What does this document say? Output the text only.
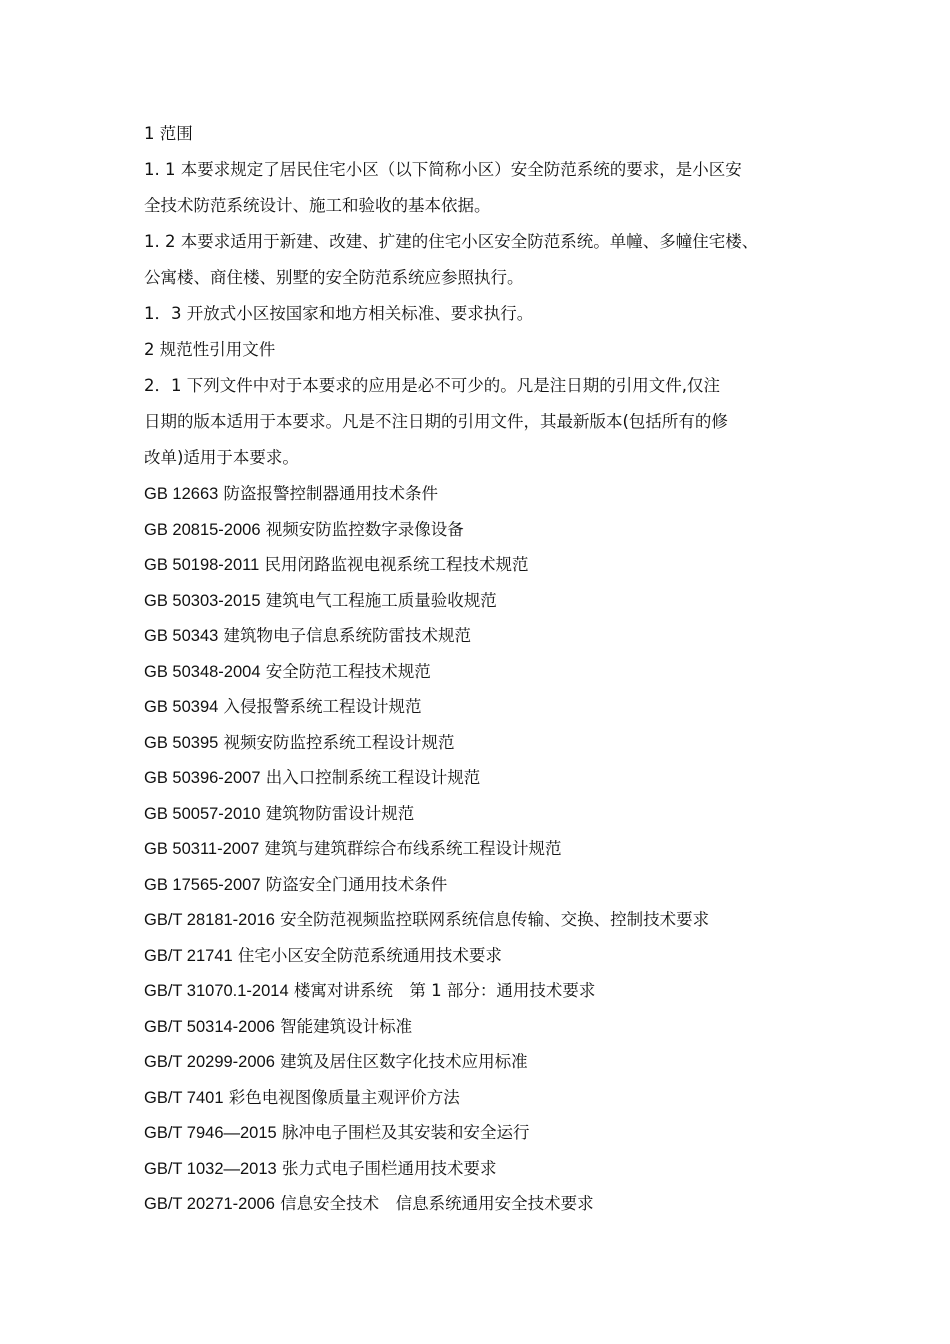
1 范围
1. 1 本要求规定了居民住宅小区（以下简称小区）安全防范系统的要求，是小区安
全技术防范系统设计、施工和验收的基本依据。
1. 2 本要求适用于新建、改建、扩建的住宅小区安全防范系统。单幢、多幢住宅楼、
公寓楼、商住楼、别墅的安全防范系统应参照执行。
1．3 开放式小区按国家和地方相关标准、要求执行。
2 规范性引用文件
2．1 下列文件中对于本要求的应用是必不可少的。凡是注日期的引用文件,仅注
日期的版本适用于本要求。凡是不注日期的引用文件，其最新版本(包括所有的修
改单)适用于本要求。
GB 12663 防盗报警控制器通用技术条件
GB 20815-2006 视频安防监控数字录像设备
GB 50198-2011 民用闭路监视电视系统工程技术规范
GB 50303-2015 建筑电气工程施工质量验收规范
GB 50343 建筑物电子信息系统防雷技术规范
GB 50348-2004 安全防范工程技术规范
GB 50394 入侵报警系统工程设计规范
GB 50395 视频安防监控系统工程设计规范
GB 50396-2007 出入口控制系统工程设计规范
GB 50057-2010 建筑物防雷设计规范
GB 50311-2007 建筑与建筑群综合布线系统工程设计规范
GB 17565-2007 防盗安全门通用技术条件
GB/T 28181-2016 安全防范视频监控联网系统信息传输、交换、控制技术要求
GB/T 21741 住宅小区安全防范系统通用技术要求
GB/T 31070.1-2014 楼寓对讲系统　第 1 部分：通用技术要求
GB/T 50314-2006 智能建筑设计标准
GB/T 20299-2006 建筑及居住区数字化技术应用标准
GB/T 7401 彩色电视图像质量主观评价方法
GB/T 7946—2015 脉冲电子围栏及其安装和安全运行
GB/T 1032—2013 张力式电子围栏通用技术要求
GB/T 20271-2006 信息安全技术　信息系统通用安全技术要求
